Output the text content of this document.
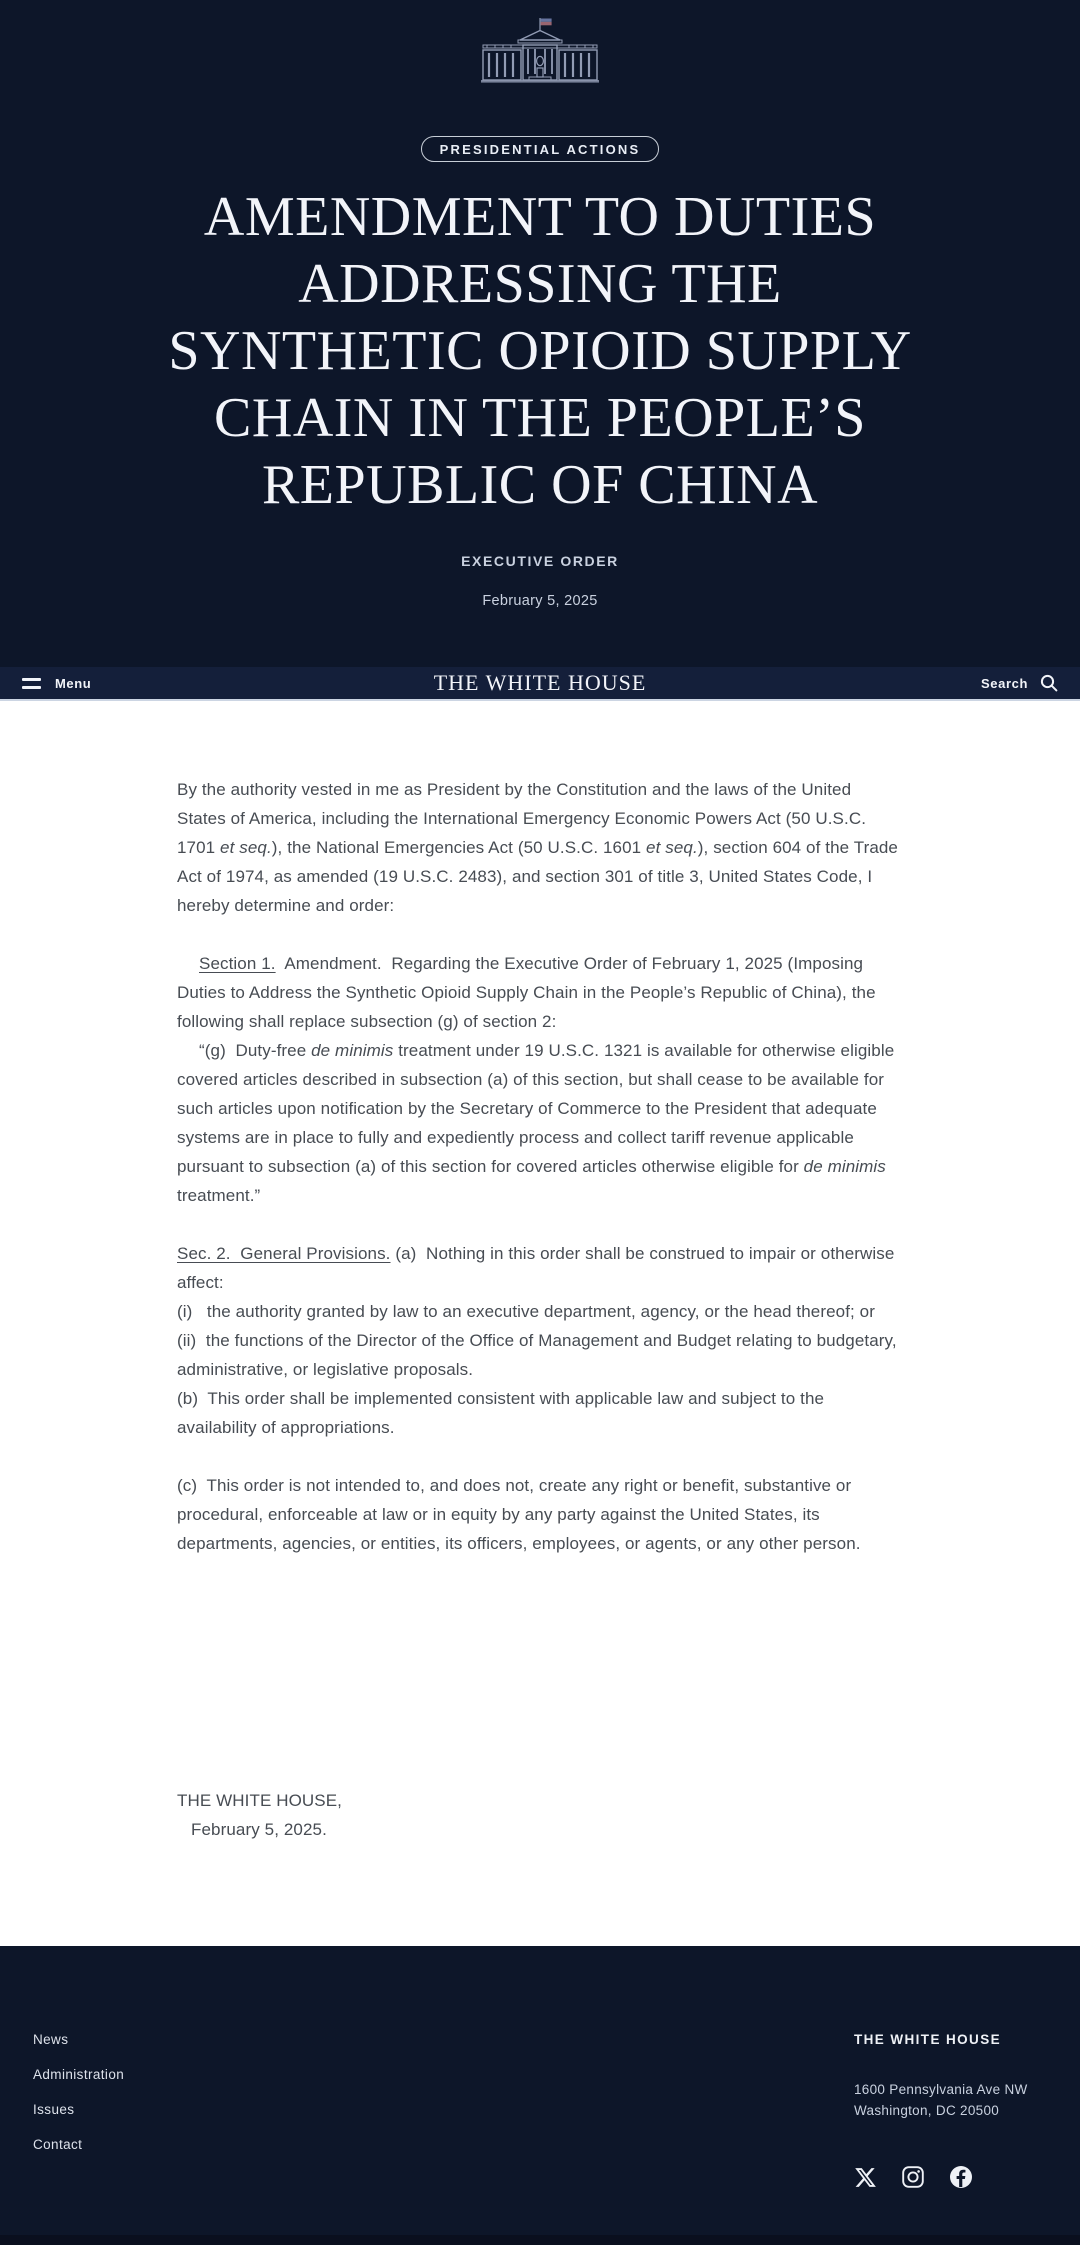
PRESIDENTIAL ACTIONS
AMENDMENT TO DUTIES
ADDRESSING THE
SYNTHETIC OPIOID SUPPLY
CHAIN IN THE PEOPLE’S
REPUBLIC OF CHINA
EXECUTIVE ORDER
February 5, 2025
Menu	THE WHITE HOUSE	Search

By the authority vested in me as President by the Constitution and the laws of the United States of America, including the International Emergency Economic Powers Act (50 U.S.C. 1701 et seq.), the National Emergencies Act (50 U.S.C. 1601 et seq.), section 604 of the Trade Act of 1974, as amended (19 U.S.C. 2483), and section 301 of title 3, United States Code, I hereby determine and order:

Section 1.  Amendment.  Regarding the Executive Order of February 1, 2025 (Imposing Duties to Address the Synthetic Opioid Supply Chain in the People’s Republic of China), the following shall replace subsection (g) of section 2:

“(g)  Duty-free de minimis treatment under 19 U.S.C. 1321 is available for otherwise eligible covered articles described in subsection (a) of this section, but shall cease to be available for such articles upon notification by the Secretary of Commerce to the President that adequate systems are in place to fully and expediently process and collect tariff revenue applicable pursuant to subsection (a) of this section for covered articles otherwise eligible for de minimis treatment.”

Sec. 2.  General Provisions. (a)  Nothing in this order shall be construed to impair or otherwise affect:

(i)   the authority granted by law to an executive department, agency, or the head thereof; or

(ii)  the functions of the Director of the Office of Management and Budget relating to budgetary, administrative, or legislative proposals.

(b)  This order shall be implemented consistent with applicable law and subject to the availability of appropriations.

(c)  This order is not intended to, and does not, create any right or benefit, substantive or procedural, enforceable at law or in equity by any party against the United States, its departments, agencies, or entities, its officers, employees, or agents, or any other person.

THE WHITE HOUSE,
February 5, 2025.
News
Administration
Issues
Contact
THE WHITE HOUSE
1600 Pennsylvania Ave NW
Washington, DC 20500
